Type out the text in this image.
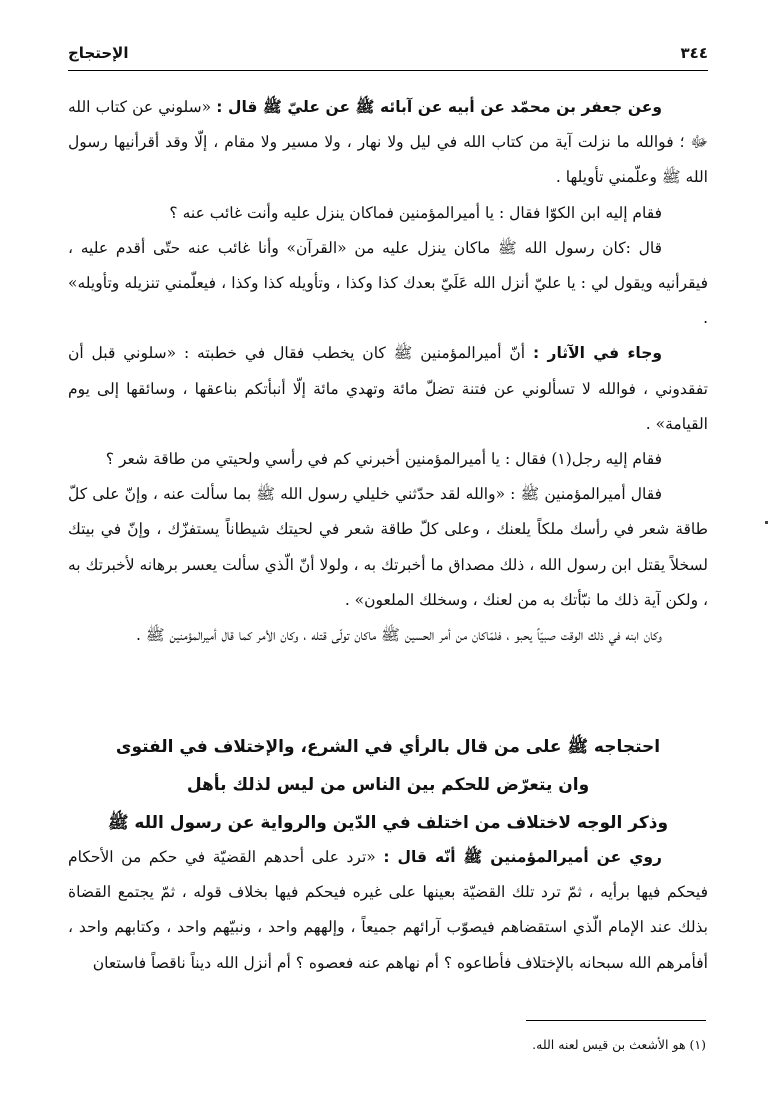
٣٤٤
الإحتجاج

وعن جعفر بن محمّد عن أبيه عن آبائه ﷺ عن عليّ ﷺ قال : «سلوني عن كتاب الله ﷻ ؛ فوالله ما نزلت آية من كتاب الله في ليل ولا نهار ، ولا مسير ولا مقام ، إلّا وقد أقرأنيها رسول الله ﷺ وعلّمني تأويلها .

فقام إليه ابن الكوّا فقال : يا أميرالمؤمنين فماكان ينزل عليه وأنت غائب عنه ؟

قال :كان رسول الله ﷺ ماكان ينزل عليه من «القرآن» وأنا غائب عنه حتّى أقدم عليه ، فيقرأنيه ويقول لي : يا عليّ أنزل الله عَلَيّ بعدك كذا وكذا ، وتأويله كذا وكذا ، فيعلّمني تنزيله وتأويله» .

وجاء في الآثار : أنّ أميرالمؤمنين ﷺ كان يخطب فقال في خطبته : «سلوني قبل أن تفقدوني ، فوالله لا تسألوني عن فتنة تضلّ مائة وتهدي مائة إلّا أنبأتكم بناعقها ، وسائقها إلى يوم القيامة» .

فقام إليه رجل(١) فقال : يا أميرالمؤمنين أخبرني كم في رأسي ولحيتي من طاقة شعر ؟

فقال أميرالمؤمنين ﷺ : «والله لقد حدّثني خليلي رسول الله ﷺ بما سألت عنه ، وإنّ على كلّ طاقة شعر في رأسك ملكاً يلعنك ، وعلى كلّ طاقة شعر في لحيتك شيطاناً يستفزّك ، وإنّ في بيتك لسخلاً يقتل ابن رسول الله ، ذلك مصداق ما أخبرتك به ، ولولا أنّ الّذي سألت يعسر برهانه لأخبرتك به ، ولكن آية ذلك ما نبّأتك به من لعنك ، وسخلك الملعون» .

وكان ابنه في ذلك الوقت صبيّاً يحبو ، فلمّاكان من أمر الحسين ﷺ ماكان تولّى قتله ، وكان الأمر كما قال أميرالمؤمنين ﷺ .

احتجاجه ﷺ على من قال بالرأي في الشرع، والإختلاف في الفتوى
وان يتعرّض للحكم بين الناس من ليس لذلك بأهل
وذكر الوجه لاختلاف من اختلف في الدّين والرواية عن رسول الله ﷺ

روي عن أميرالمؤمنين ﷺ أنّه قال : «ترد على أحدهم القضيّة في حكم من الأحكام فيحكم فيها برأيه ، ثمّ ترد تلك القضيّة بعينها على غيره فيحكم فيها بخلاف قوله ، ثمّ يجتمع القضاة بذلك عند الإمام الّذي استقضاهم فيصوّب آرائهم جميعاً ، وإلههم واحد ، ونبيّهم واحد ، وكتابهم واحد ، أفأمرهم الله سبحانه بالإختلاف فأطاعوه ؟ أم نهاهم عنه فعصوه ؟ أم أنزل الله ديناً ناقصاً فاستعان

(١) هو الأشعث بن قيس لعنه الله.
